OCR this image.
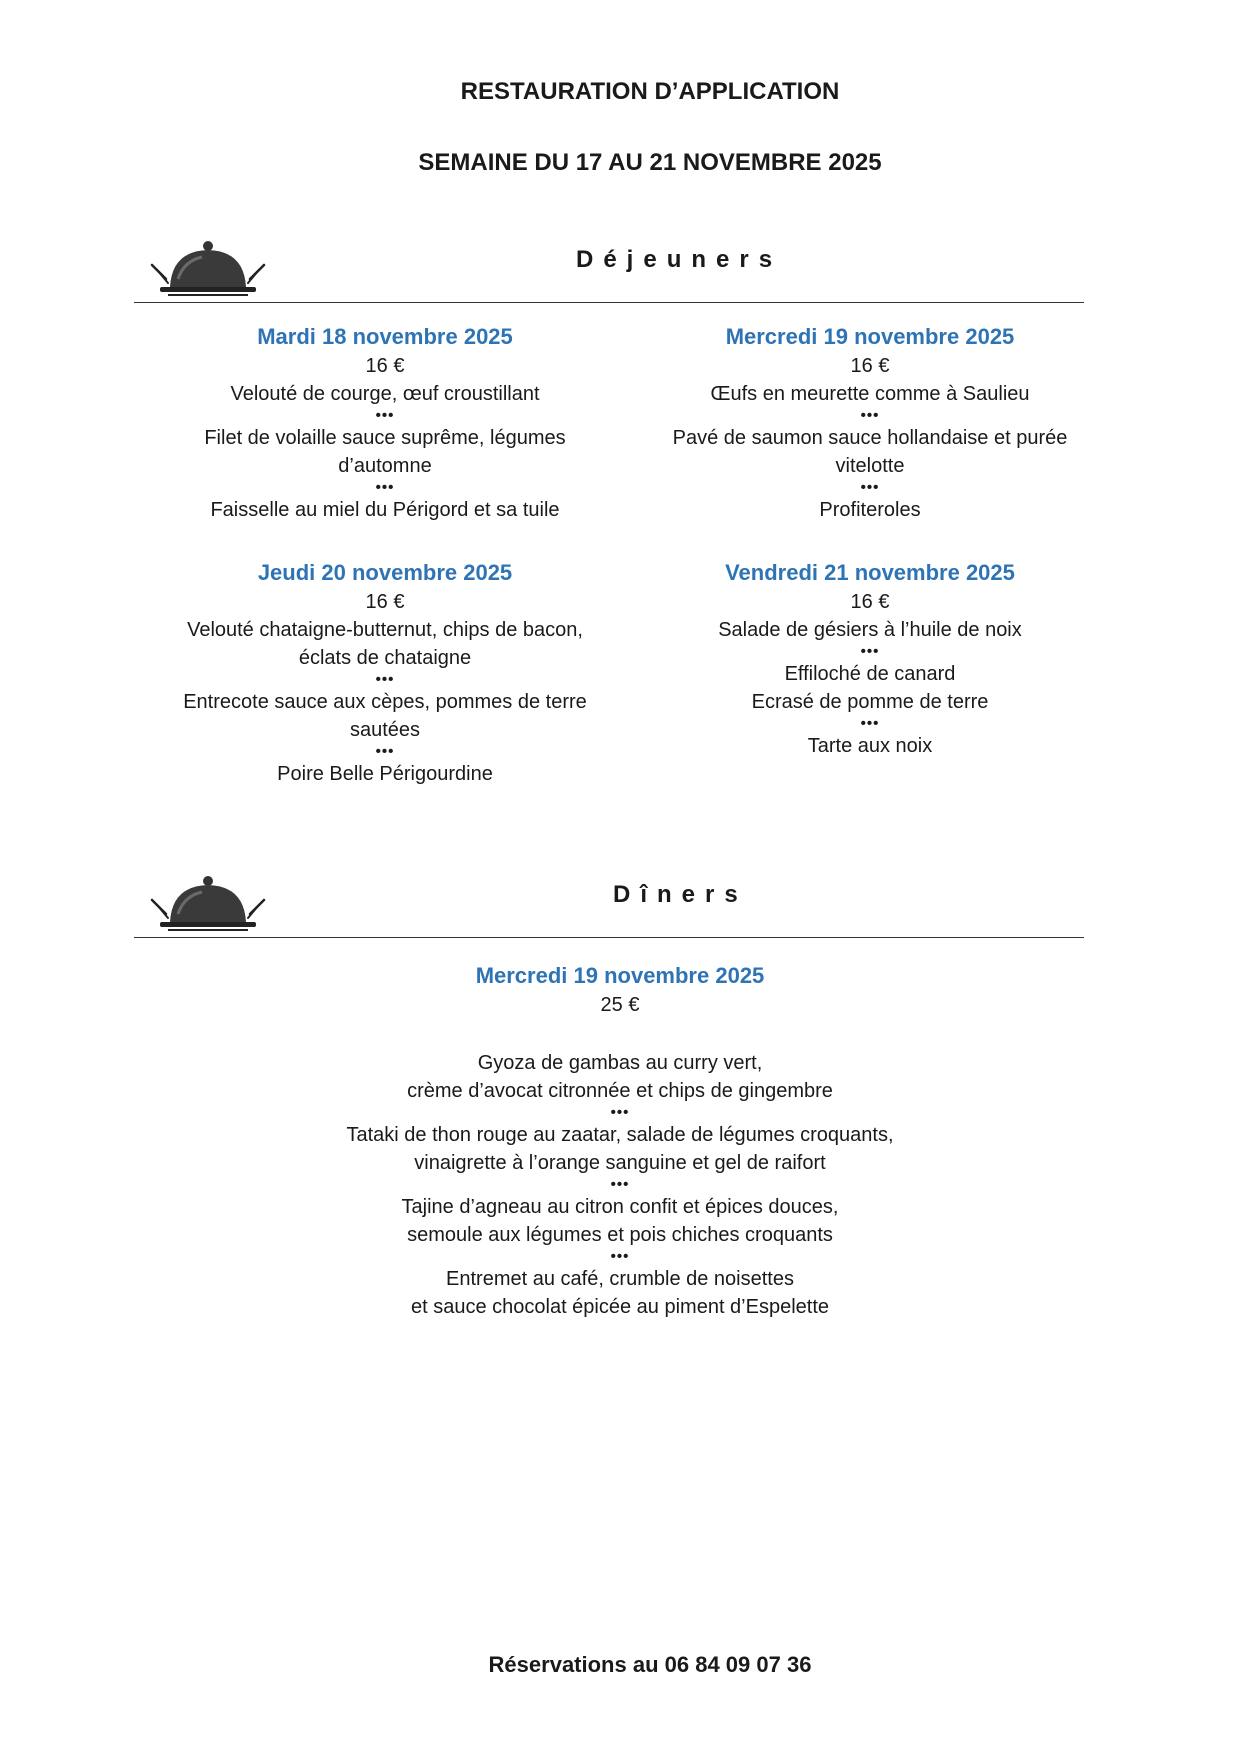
RESTAURATION D’APPLICATION
SEMAINE DU 17 AU 21 NOVEMBRE 2025
Déjeuners
Mardi 18 novembre 2025
16 €
Velouté de courge, œuf croustillant
•••
Filet de volaille sauce suprême, légumes
d’automne
•••
Faisselle au miel du Périgord et sa tuile
Mercredi 19 novembre 2025
16 €
Œufs en meurette comme à Saulieu
•••
Pavé de saumon sauce hollandaise et purée
vitelotte
•••
Profiteroles
Jeudi 20 novembre 2025
16 €
Velouté chataigne-butternut, chips de bacon,
éclats de chataigne
•••
Entrecote sauce aux cèpes, pommes de terre
sautées
•••
Poire Belle Périgourdine
Vendredi 21 novembre 2025
16 €
Salade de gésiers à l’huile de noix
•••
Effiloché de canard
Ecrasé de pomme de terre
•••
Tarte aux noix
Dîners
Mercredi 19 novembre 2025
25 €
Gyoza de gambas au curry vert,
crème d’avocat citronnée et chips de gingembre
•••
Tataki de thon rouge au zaatar, salade de légumes croquants,
vinaigrette à l’orange sanguine et gel de raifort
•••
Tajine d’agneau au citron confit et épices douces,
semoule aux légumes et pois chiches croquants
•••
Entremet au café, crumble de noisettes
et sauce chocolat épicée au piment d’Espelette
Réservations au 06 84 09 07 36
